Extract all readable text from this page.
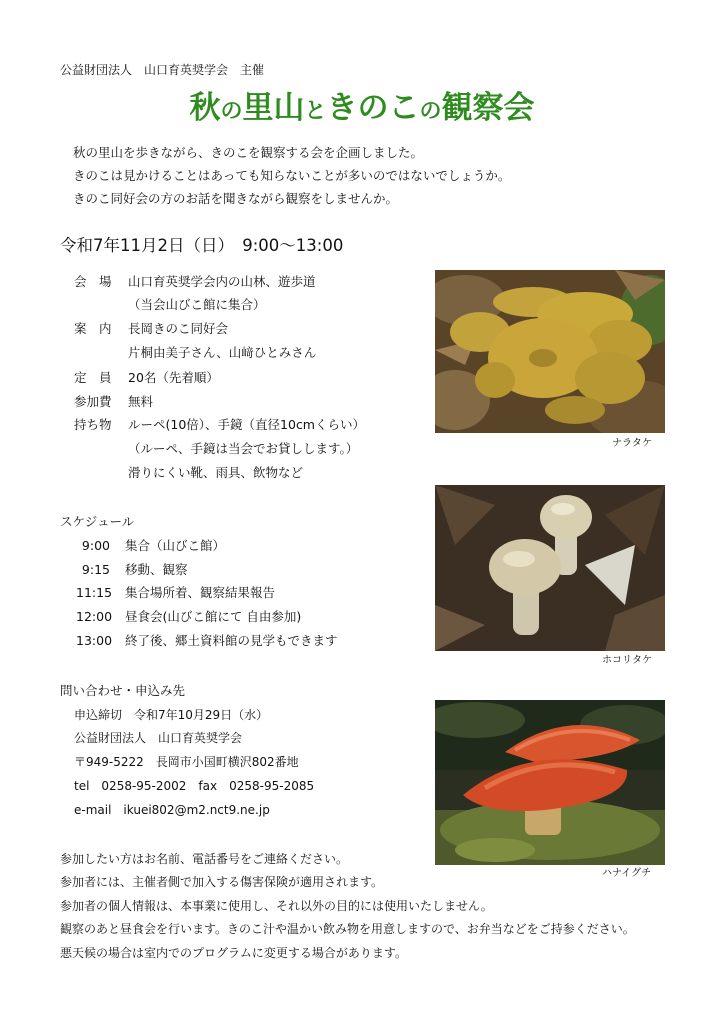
公益財団法人　山口育英奨学会　主催
秋の里山ときのこの観察会
秋の里山を歩きながら、きのこを観察する会を企画しました。
きのこは見かけることはあっても知らないことが多いのではないでしょうか。
きのこ同好会の方のお話を聞きながら観察をしませんか。
令和7年11月2日（日）　9:00〜13:00
会　場 山口育英奨学会内の山林、遊歩道
（当会山びこ館に集合）
案　内 長岡きのこ同好会
片桐由美子さん、山﨑ひとみさん
定　員 20名（先着順）
参加費 無料
持ち物 ルーペ(10倍）、手鏡（直径10cmくらい）
（ルーペ、手鏡は当会でお貸しします。）
滑りにくい靴、雨具、飲物など
スケジュール
9:00 集合（山びこ館）
9:15 移動、観察
11:15 集合場所着、観察結果報告
12:00 昼食会(山びこ館にて 自由参加)
13:00 終了後、郷土資料館の見学もできます
問い合わせ・申込み先
申込締切　令和7年10月29日（水）
公益財団法人　山口育英奨学会
〒949-5222　長岡市小国町横沢802番地
tel　0258-95-2002　fax　0258-95-2085
e-mail　ikuei802@m2.nct9.ne.jp
参加したい方はお名前、電話番号をご連絡ください。
参加者には、主催者側で加入する傷害保険が適用されます。
参加者の個人情報は、本事業に使用し、それ以外の目的には使用いたしません。
観察のあと昼食会を行います。きのこ汁や温かい飲み物を用意しますので、お弁当などをご持参ください。
悪天候の場合は室内でのプログラムに変更する場合があります。
ナラタケ
ホコリタケ
ハナイグチ
